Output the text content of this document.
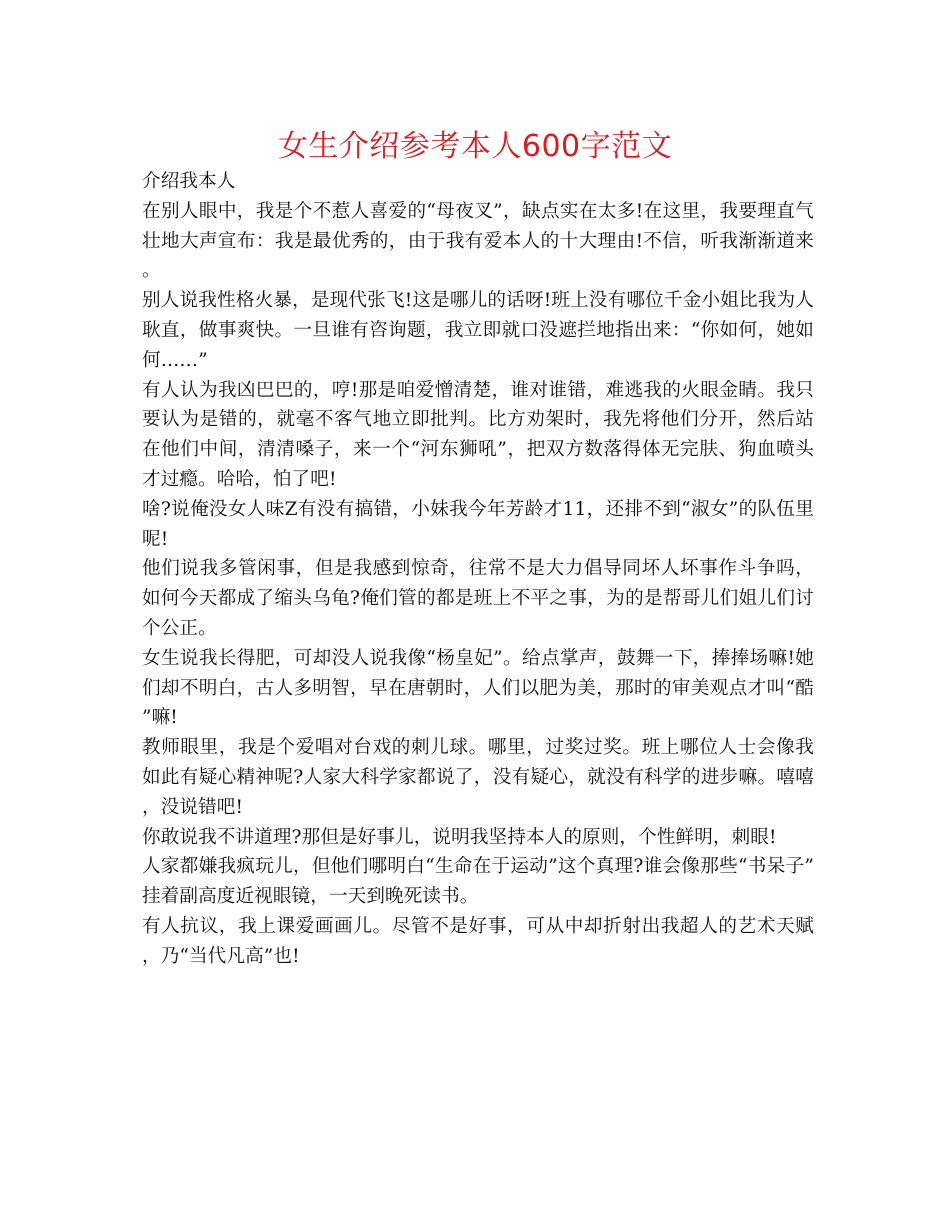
女生介绍参考本人600字范文

介绍我本人

在别人眼中，我是个不惹人喜爱的“母夜叉”，缺点实在太多!在这里，我要理直气壮地大声宣布：我是最优秀的，由于我有爱本人的十大理由!不信，听我渐渐道来。

别人说我性格火暴，是现代张飞!这是哪儿的话呀!班上没有哪位千金小姐比我为人耿直，做事爽快。一旦谁有咨询题，我立即就口没遮拦地指出来：“你如何，她如何……”

有人认为我凶巴巴的，哼!那是咱爱憎清楚，谁对谁错，难逃我的火眼金睛。我只要认为是错的，就毫不客气地立即批判。比方劝架时，我先将他们分开，然后站在他们中间，清清嗓子，来一个“河东狮吼”，把双方数落得体无完肤、狗血喷头才过瘾。哈哈，怕了吧!

啥?说俺没女人味Z有没有搞错，小妹我今年芳龄才11，还排不到“淑女”的队伍里呢!

他们说我多管闲事，但是我感到惊奇，往常不是大力倡导同坏人坏事作斗争吗，如何今天都成了缩头乌龟?俺们管的都是班上不平之事，为的是帮哥儿们姐儿们讨个公正。

女生说我长得肥，可却没人说我像“杨皇妃”。给点掌声，鼓舞一下，捧捧场嘛!她们却不明白，古人多明智，早在唐朝时，人们以肥为美，那时的审美观点才叫“酷”嘛!

教师眼里，我是个爱唱对台戏的刺儿球。哪里，过奖过奖。班上哪位人士会像我如此有疑心精神呢?人家大科学家都说了，没有疑心，就没有科学的进步嘛。嘻嘻，没说错吧!

你敢说我不讲道理?那但是好事儿，说明我坚持本人的原则，个性鲜明，刺眼!

人家都嫌我疯玩儿，但他们哪明白“生命在于运动”这个真理?谁会像那些“书呆子”挂着副高度近视眼镜，一天到晚死读书。

有人抗议，我上课爱画画儿。尽管不是好事，可从中却折射出我超人的艺术天赋，乃“当代凡高”也!
